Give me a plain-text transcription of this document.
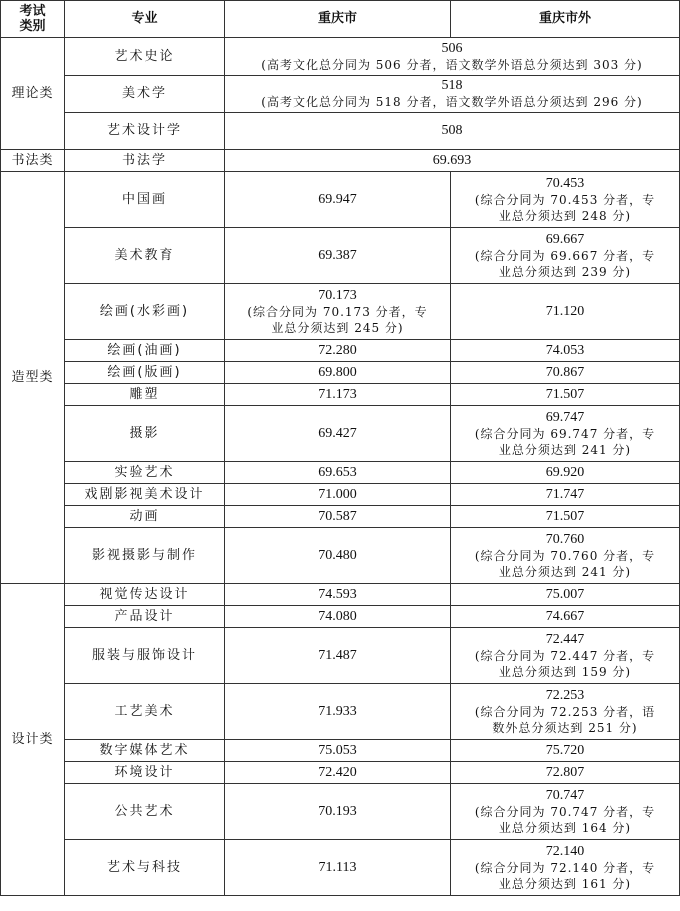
考试
类别	专业	重庆市	重庆市外
理论类	艺术史论	506
(高考文化总分同为 506 分者，语文数学外语总分须达到 303 分)	

	美术学	518
(高考文化总分同为 518 分者，语文数学外语总分须达到 296 分)	

	艺术设计学	508	
书法类	书法学	69.693	
造型类	中国画	69.947	70.453
(综合分同为 70.453 分者，专
业总分须达到 248 分)

	美术教育	69.387	69.667
(综合分同为 69.667 分者，专
业总分须达到 239 分)

	绘画(水彩画)	70.173
(综合分同为 70.173 分者，专
业总分须达到 245 分)	71.120
	绘画(油画)	72.280	74.053
	绘画(版画)	69.800	70.867
	雕塑	71.173	71.507
	摄影	69.427	69.747
(综合分同为 69.747 分者，专
业总分须达到 241 分)

	实验艺术	69.653	69.920
	戏剧影视美术设计	71.000	71.747
	动画	70.587	71.507
	影视摄影与制作	70.480	70.760
(综合分同为 70.760 分者，专
业总分须达到 241 分)

设计类	视觉传达设计	74.593	75.007
	产品设计	74.080	74.667
	服装与服饰设计	71.487	72.447
(综合分同为 72.447 分者，专
业总分须达到 159 分)

	工艺美术	71.933	72.253
(综合分同为 72.253 分者，语
数外总分须达到 251 分)

	数字媒体艺术	75.053	75.720
	环境设计	72.420	72.807
	公共艺术	70.193	70.747
(综合分同为 70.747 分者，专
业总分须达到 164 分)

	艺术与科技	71.113	72.140
(综合分同为 72.140 分者，专
业总分须达到 161 分)
